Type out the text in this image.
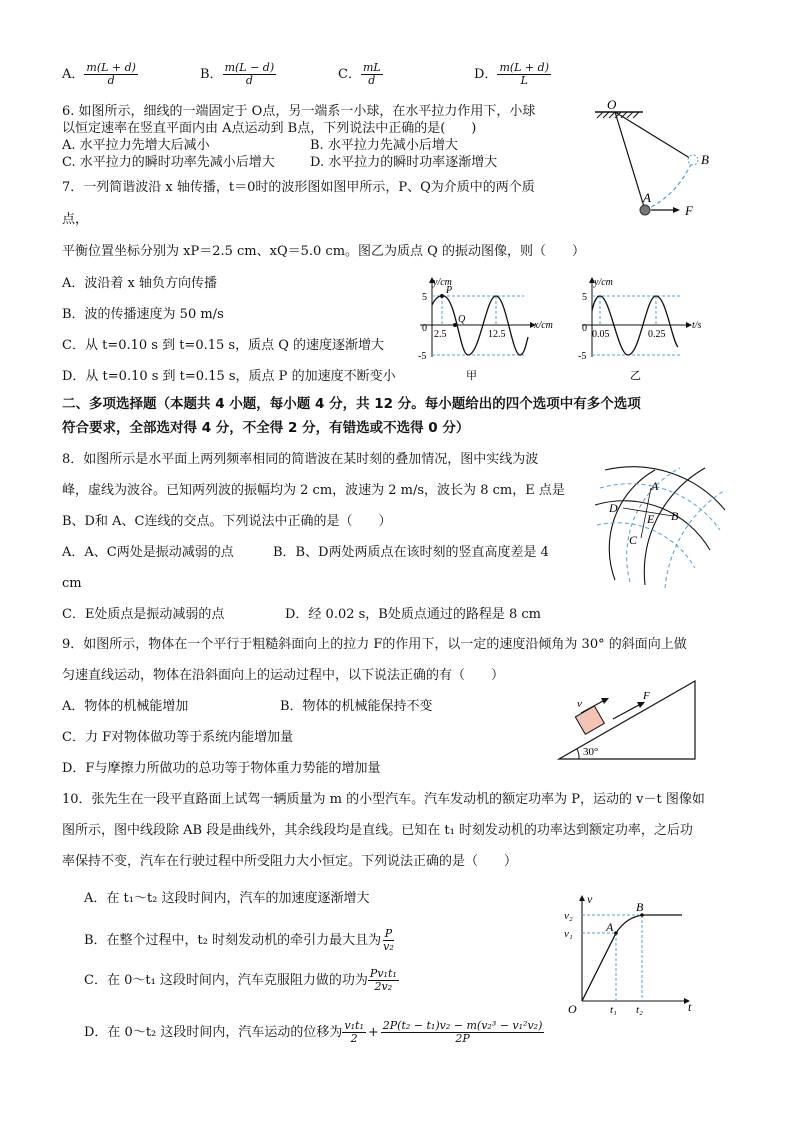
A． $\frac{m(L + d)}{d}$	B． $\frac{m(L - d)}{d}$	C． $\frac{mL}{d}$	D． $\frac{m(L + d)}{L}$
6. 如图所示，细线的一端固定于 O点，另一端系一小球，在水平拉力作用下，小球
以恒定速率在竖直平面内由 A点运动到 B点，下列说法中正确的是(　　)
A. 水平拉力先增大后减小	B. 水平拉力先减小后增大
C. 水平拉力的瞬时功率先减小后增大	D. 水平拉力的瞬时功率逐渐增大
O
B
A
F
7．一列简谐波沿 x 轴传播，t＝0时的波形图如图甲所示，P、Q为介质中的两个质
点，
平衡位置坐标分别为 xP＝2.5 cm、xQ＝5.0 cm。图乙为质点 Q 的振动图像，则（　　）
A．波沿着 x 轴负方向传播
B．波的传播速度为 50 m/s
C．从 t=0.10 s 到 t=0.15 s，质点 Q 的速度逐渐增大
D．从 t=0.10 s 到 t=0.15 s，质点 P 的加速度不断变小
y/cm
x/cm
5
-5
0
2.5	12.5
P
Q
甲
y/cm
t/s
5
-5
0
0.05	0.25
乙
二、多项选择题（本题共 4 小题，每小题 4 分，共 12 分。每小题给出的四个选项中有多个选项
符合要求，全部选对得 4 分，不全得 2 分，有错选或不选得 0 分）
8．如图所示是水平面上两列频率相同的简谐波在某时刻的叠加情况，图中实线为波
峰，虚线为波谷。已知两列波的振幅均为 2 cm，波速为 2 m/s，波长为 8 cm，E 点是
B、D和 A、C连线的交点。下列说法中正确的是（　　）
A．A、C两处是振动减弱的点	B．B、D两处两质点在该时刻的竖直高度差是 4
cm
C．E处质点是振动减弱的点	D．经 0.02 s，B处质点通过的路程是 8 cm
A
B
C
D
E
9．如图所示，物体在一个平行于粗糙斜面向上的拉力 F的作用下，以一定的速度沿倾角为 30° 的斜面向上做
匀速直线运动，物体在沿斜面向上的运动过程中，以下说法正确的有（　　）
A．物体的机械能增加	B．物体的机械能保持不变
C．力 F对物体做功等于系统内能增加量
D．F与摩擦力所做功的总功等于物体重力势能的增加量
v
F
30°
10．张先生在一段平直路面上试驾一辆质量为 m 的小型汽车。汽车发动机的额定功率为 P，运动的 v－t 图像如
图所示，图中线段除 AB 段是曲线外，其余线段均是直线。已知在 t₁ 时刻发动机的功率达到额定功率，之后功
率保持不变，汽车在行驶过程中所受阻力大小恒定。下列说法正确的是（　　）
A．在 t₁～t₂ 这段时间内，汽车的加速度逐渐增大
B．在整个过程中，t₂ 时刻发动机的牵引力最大且为 $\frac{P}{\text{v₂}}$
C．在 0～t₁ 这段时间内，汽车克服阻力做的功为 $\frac{\text{Pv₁t₁}}{\text{2v₂}}$
D．在 0～t₂ 这段时间内，汽车运动的位移为 $\frac{\text{v₁t₁}}{2} + \frac{\text{2P(t₂ − t₁)v₂ − m(v₂³ − v₁²v₂)}}{2P}$
v
t
O
v₁
v₂
t₁ t₂
A
B
